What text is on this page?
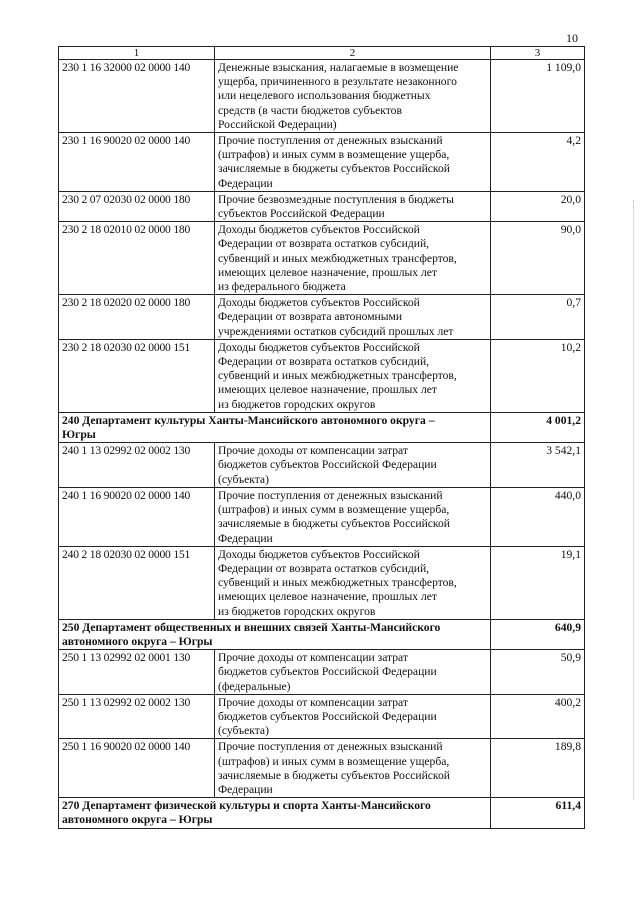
10
1	2	3
230 1 16 32000 02 0000 140	Денежные взыскания, налагаемые в возмещение
ущерба, причиненного в результате незаконного
или нецелевого использования бюджетных
средств (в части бюджетов субъектов
Российской Федерации)	1 109,0
230 1 16 90020 02 0000 140	Прочие поступления от денежных взысканий
(штрафов) и иных сумм в возмещение ущерба,
зачисляемые в бюджеты субъектов Российской
Федерации	4,2
230 2 07 02030 02 0000 180	Прочие безвозмездные поступления в бюджеты
субъектов Российской Федерации	20,0
230 2 18 02010 02 0000 180	Доходы бюджетов субъектов Российской
Федерации от возврата остатков субсидий,
субвенций и иных межбюджетных трансфертов,
имеющих целевое назначение, прошлых лет
из федерального бюджета	90,0
230 2 18 02020 02 0000 180	Доходы бюджетов субъектов Российской
Федерации от возврата автономными
учреждениями остатков субсидий прошлых лет	0,7
230 2 18 02030 02 0000 151	Доходы бюджетов субъектов Российской
Федерации от возврата остатков субсидий,
субвенций и иных межбюджетных трансфертов,
имеющих целевое назначение, прошлых лет
из бюджетов городских округов	10,2

240 Департамент культуры Ханты-Мансийского автономного округа –
Югры		4 001,2
240 1 13 02992 02 0002 130	Прочие доходы от компенсации затрат
бюджетов субъектов Российской Федерации
(субъекта)	3 542,1
240 1 16 90020 02 0000 140	Прочие поступления от денежных взысканий
(штрафов) и иных сумм в возмещение ущерба,
зачисляемые в бюджеты субъектов Российской
Федерации	440,0
240 2 18 02030 02 0000 151	Доходы бюджетов субъектов Российской
Федерации от возврата остатков субсидий,
субвенций и иных межбюджетных трансфертов,
имеющих целевое назначение, прошлых лет
из бюджетов городских округов	19,1

250 Департамент общественных и внешних связей Ханты-Мансийского
автономного округа – Югры		640,9
250 1 13 02992 02 0001 130	Прочие доходы от компенсации затрат
бюджетов субъектов Российской Федерации
(федеральные)	50,9
250 1 13 02992 02 0002 130	Прочие доходы от компенсации затрат
бюджетов субъектов Российской Федерации
(субъекта)	400,2
250 1 16 90020 02 0000 140	Прочие поступления от денежных взысканий
(штрафов) и иных сумм в возмещение ущерба,
зачисляемые в бюджеты субъектов Российской
Федерации	189,8

270 Департамент физической культуры и спорта Ханты-Мансийского
автономного округа – Югры		611,4
